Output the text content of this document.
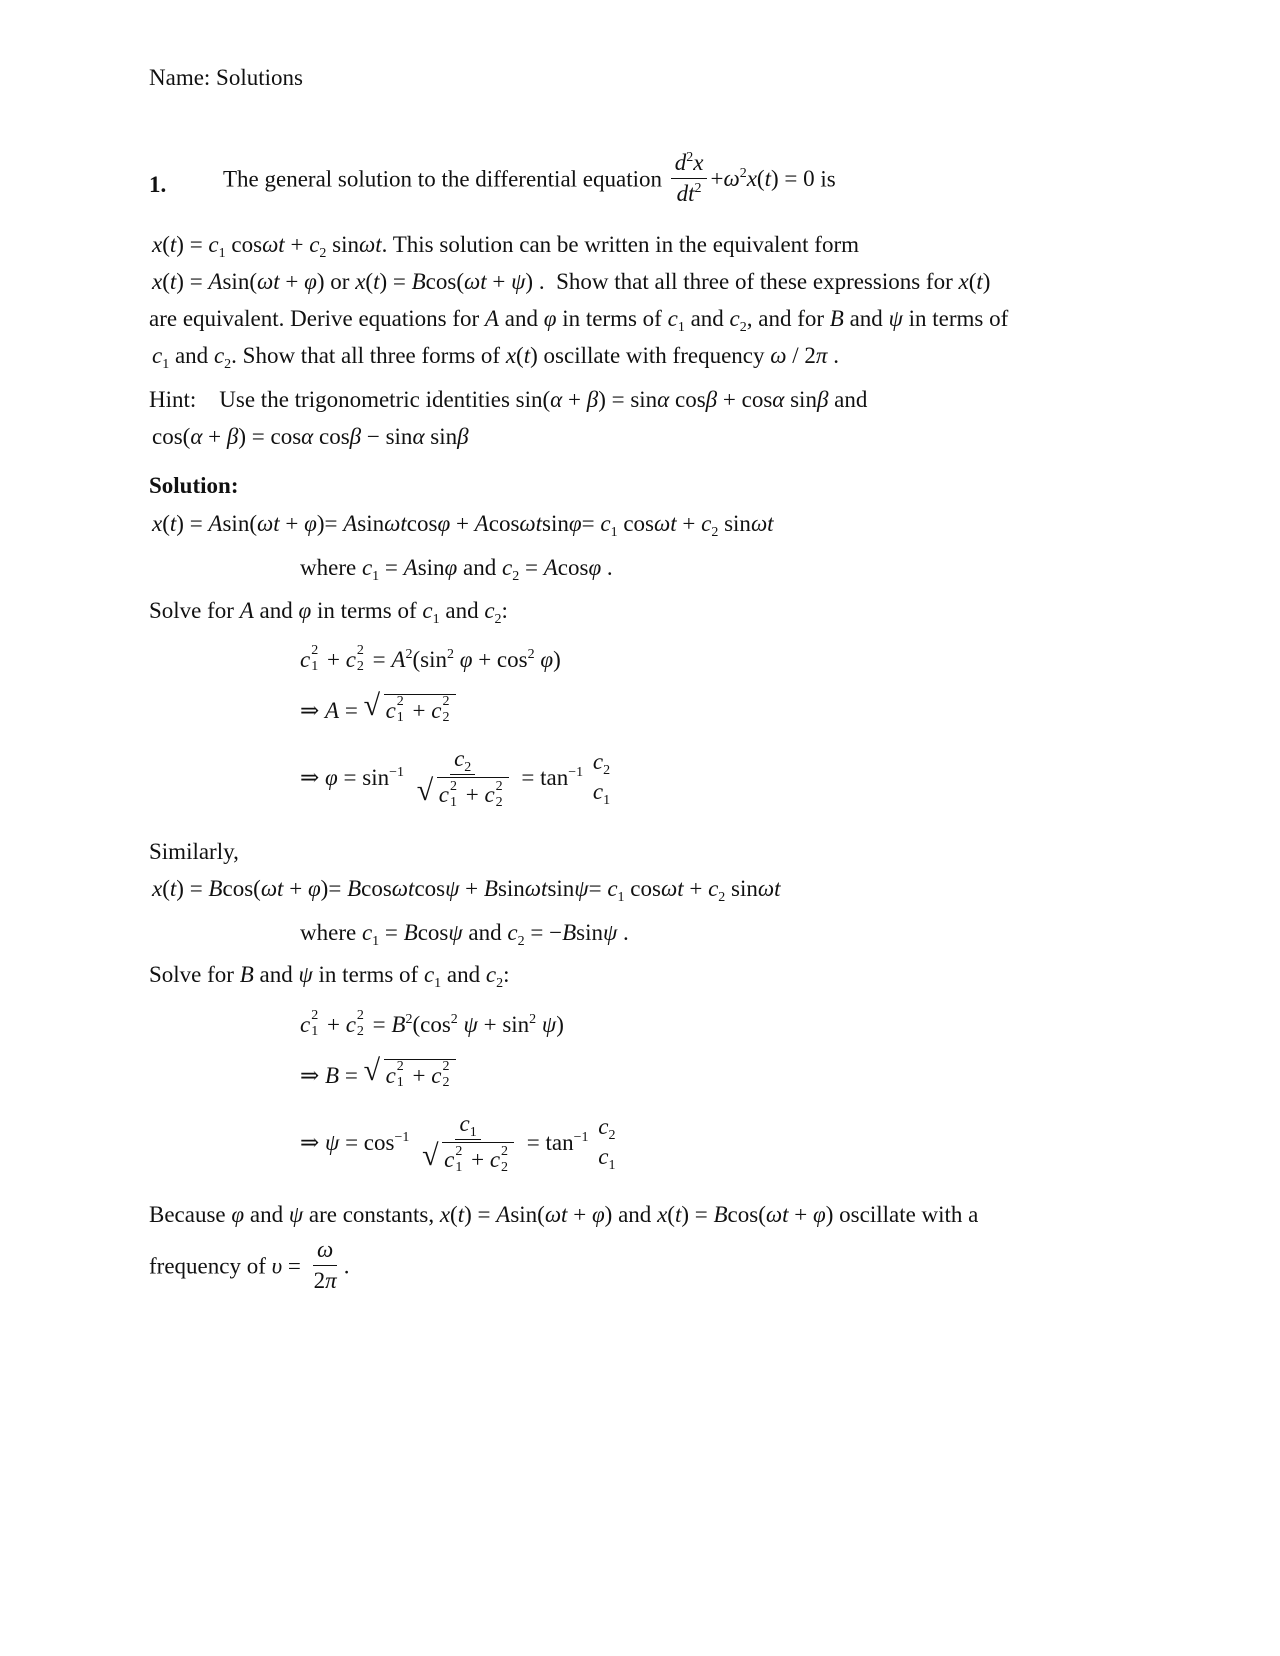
Name: Solutions
1. The general solution to the differential equation $\frac{d^2x}{dt^2} +\omega^2x(t) = 0$ is
$x(t) = c_1$ $\cos\omega t + c_2$ sinωt. This solution can be written in the equivalent form
x(t) = Asin(ωt + φ) or x(t) = Bcos(ωt + ψ) . Show that all three of these expressions for x(t)
are equivalent. Derive equations for A and φ in terms of $c_1$ and $c_2$, and for B and ψ in terms of
$c_1$ and $c_2$. Show that all three forms of x(t) oscillate with frequency ω / 2π .
Hint: Use the trigonometric identities sin(α + β) = sinα cosβ + cosα sinβ and
cos(α + β) = cosα cosβ − sinα sinβ
Solution:
$x(t) = Asin(\omega t + \varphi)= Asin\omega tcos\varphi + Acos\omega tsin\varphi= c_1$ $\cos\omega t + c_2$ sinωt
where $c_1 = Asin\varphi$ and $c_2 = Acos\varphi$ .
Solve for A and φ in terms of $c_1$ and $c_2$:
c 2
1 + c 2
$2 = A^2(\sin^2$ $\varphi + \cos^2 \varphi$)
⇒ A = √ c 2
1 + c 2
2
⇒ $\varphi = \sin^{-1} c_2$
√ c 2
1 + c 2
$2 = \tan^{-1} c_2$
$c_1$
Similarly,
$x(t) = Bcos(\omega t + \varphi)= Bcos\omega tcos\psi + Bsin\omega tsin\psi= c_1$ $\cos\omega t + c_2$ sinωt
where $c_1 = Bcos\psi$ and $c_2 = -Bsin\psi$ .
Solve for B and ψ in terms of $c_1$ and $c_2$:
c 2
1 + c 2
$2 = B^2(\cos^2$ $\psi + \sin^2 \psi$)
⇒ B = √ c 2
1 + c 2
2
⇒ $\psi = \cos^{-1} c_1$
√ c 2
1 + c 2
$2 = \tan^{-1} c_2$
$c_1$
Because φ and ψ are constants, x(t) = Asin(ωt + φ) and x(t) = Bcos(ωt + φ) oscillate with a
frequency of $\upsilon = \frac{\omega}{2\pi}$ .
